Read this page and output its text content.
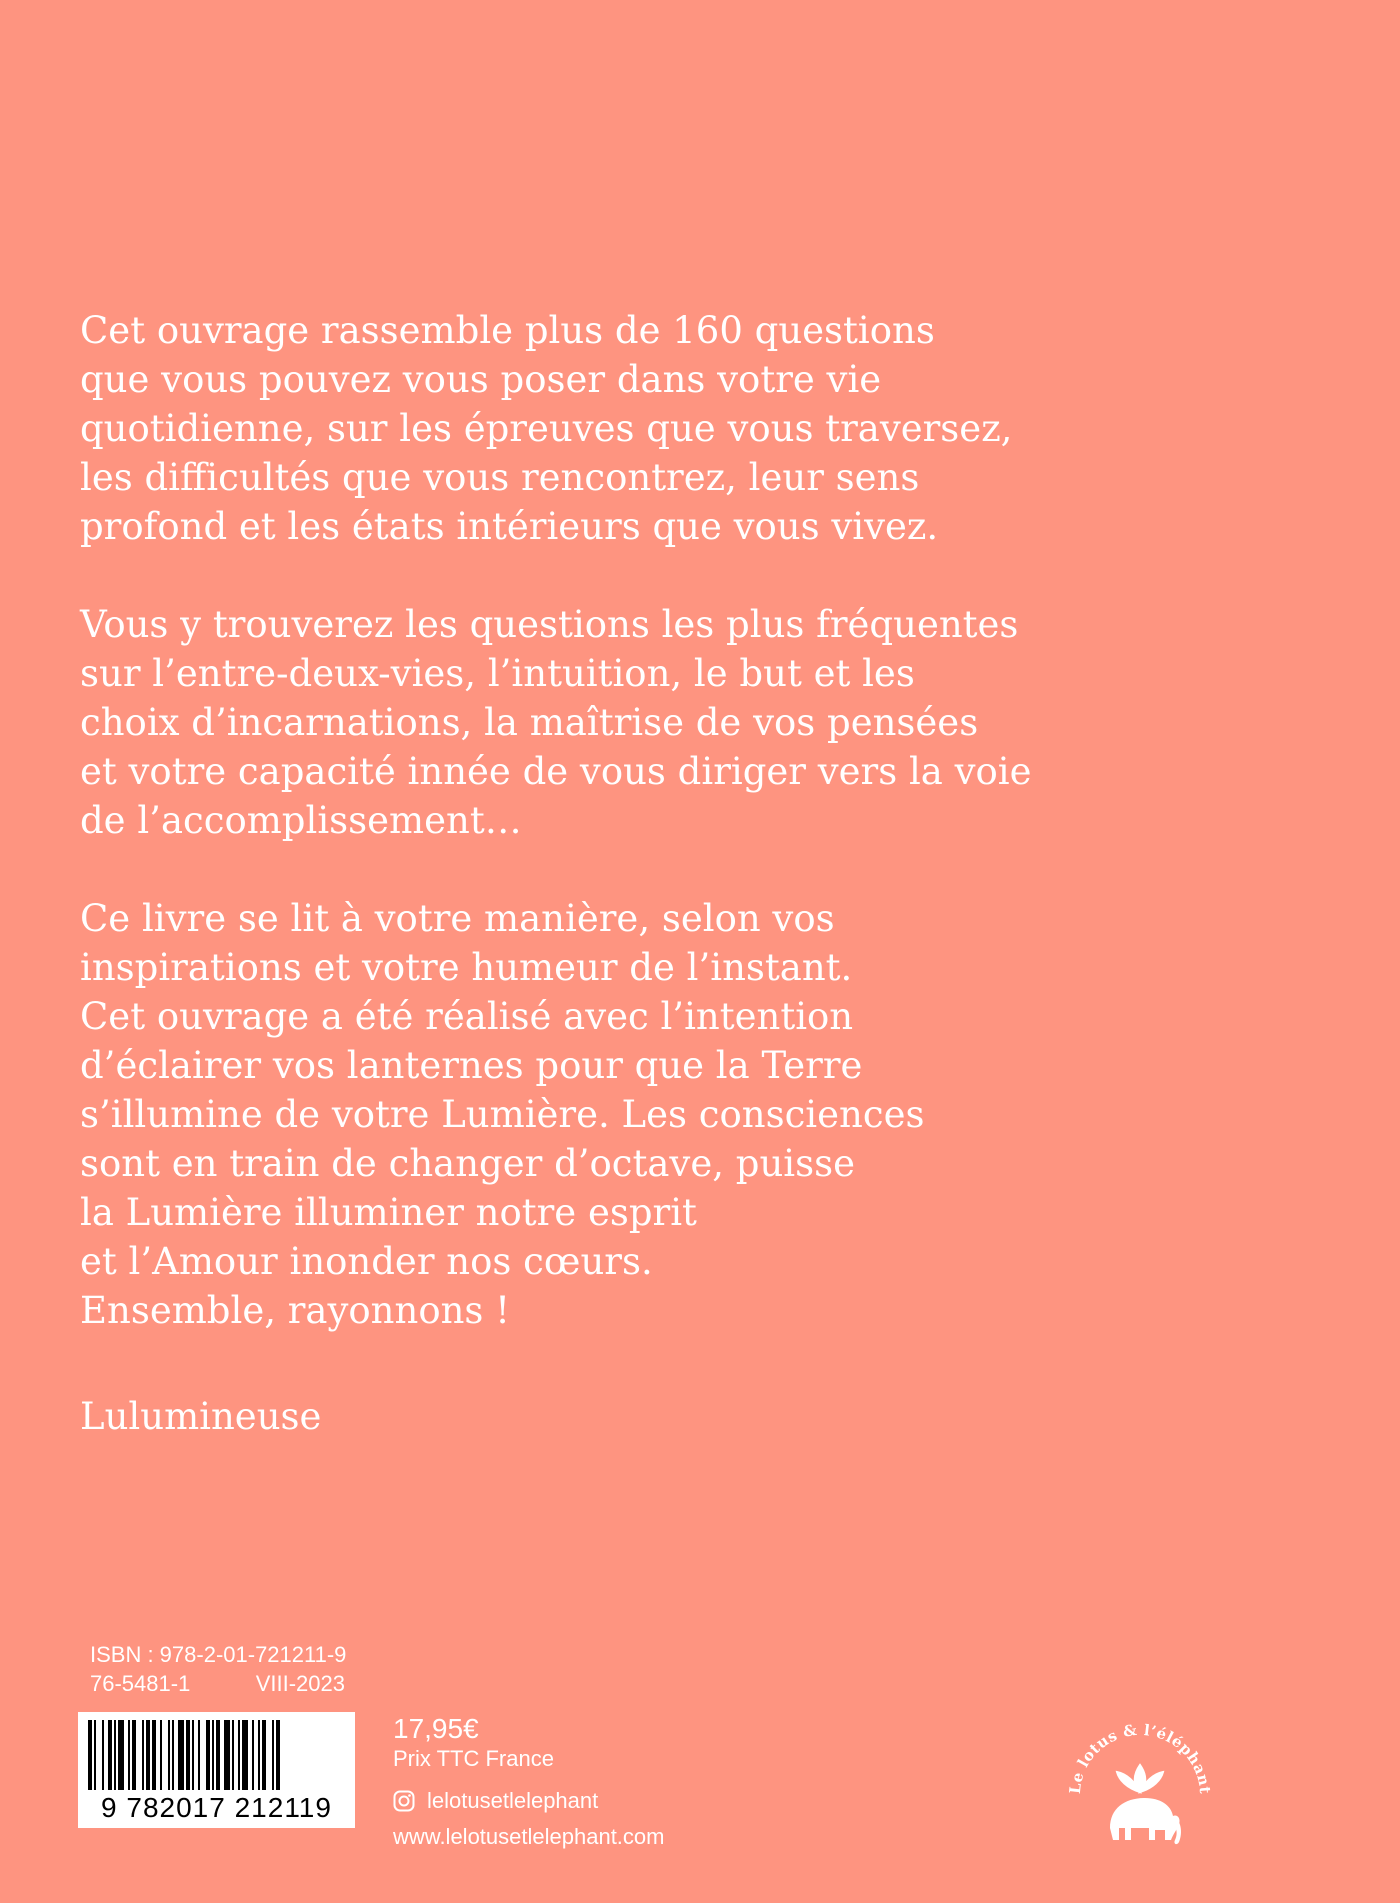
Cet ouvrage rassemble plus de 160 questions
que vous pouvez vous poser dans votre vie
quotidienne, sur les épreuves que vous traversez,
les difficultés que vous rencontrez, leur sens
profond et les états intérieurs que vous vivez.
Vous y trouverez les questions les plus fréquentes
sur l’entre-deux-vies, l’intuition, le but et les
choix d’incarnations, la maîtrise de vos pensées
et votre capacité innée de vous diriger vers la voie
de l’accomplissement…
Ce livre se lit à votre manière, selon vos
inspirations et votre humeur de l’instant.
Cet ouvrage a été réalisé avec l’intention
d’éclairer vos lanternes pour que la Terre
s’illumine de votre Lumière. Les consciences
sont en train de changer d’octave, puisse
la Lumière illuminer notre esprit
et l’Amour inonder nos cœurs.
Ensemble, rayonnons !
Lulumineuse
ISBN : 978-2-01-721211-9
76-5481-1	VIII-2023
9 782017 212119
17,95€
Prix TTC France
lelotusetlelephant
www.lelotusetlelephant.com
Le lotus & l’éléphant
